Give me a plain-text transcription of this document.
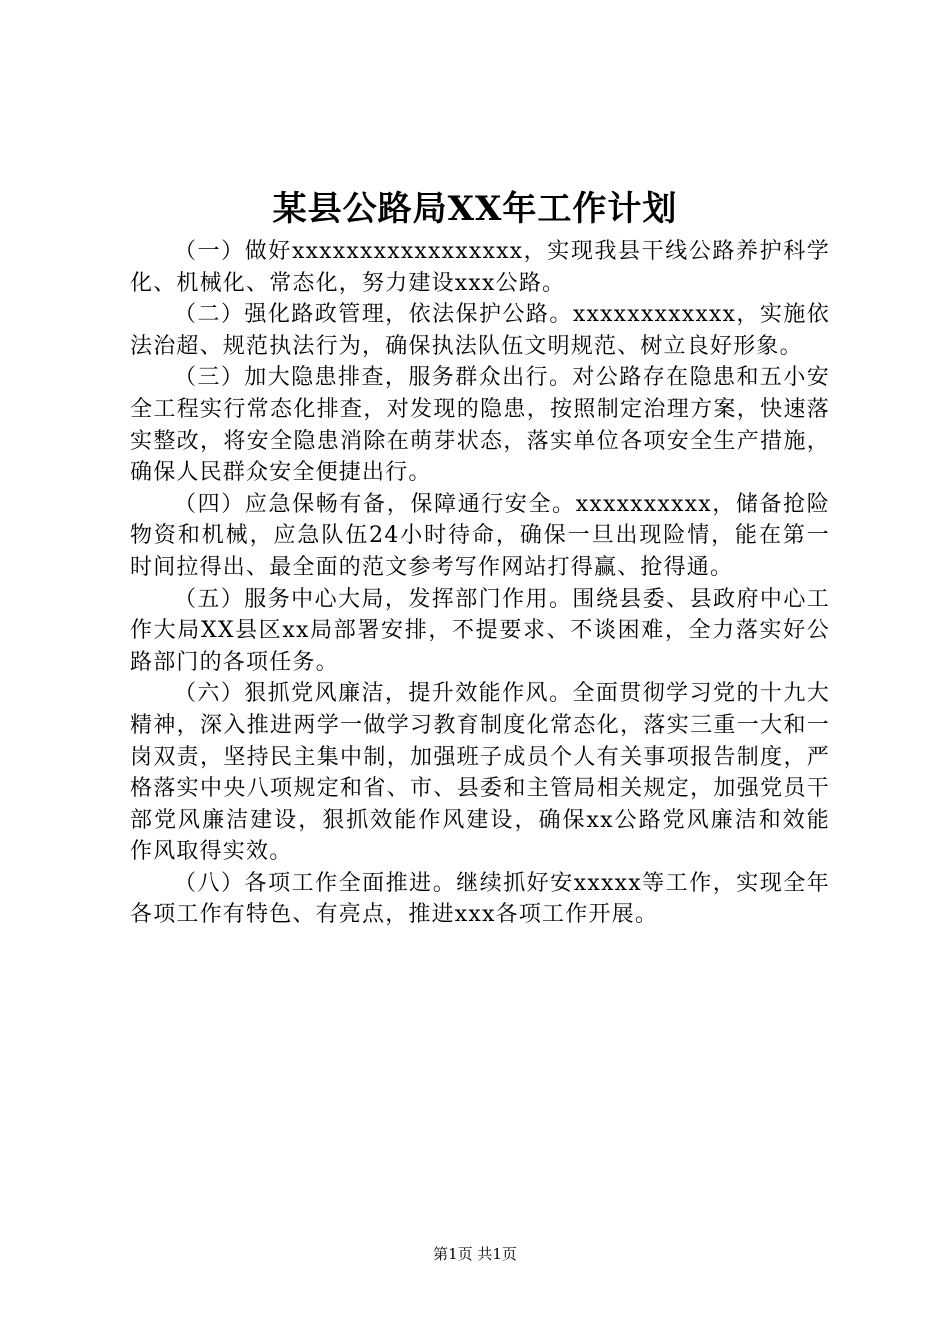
某县公路局XX年工作计划

（一）做好xxxxxxxxxxxxxxxxx，实现我县干线公路养护科学化、机械化、常态化，努力建设xxx公路。

（二）强化路政管理，依法保护公路。xxxxxxxxxxxx，实施依法治超、规范执法行为，确保执法队伍文明规范、树立良好形象。

（三）加大隐患排查，服务群众出行。对公路存在隐患和五小安全工程实行常态化排查，对发现的隐患，按照制定治理方案，快速落实整改，将安全隐患消除在萌芽状态，落实单位各项安全生产措施，确保人民群众安全便捷出行。

（四）应急保畅有备，保障通行安全。xxxxxxxxxx，储备抢险物资和机械，应急队伍24小时待命，确保一旦出现险情，能在第一时间拉得出、最全面的范文参考写作网站打得赢、抢得通。

（五）服务中心大局，发挥部门作用。围绕县委、县政府中心工作大局XX县区xx局部署安排，不提要求、不谈困难，全力落实好公路部门的各项任务。

（六）狠抓党风廉洁，提升效能作风。全面贯彻学习党的十九大精神，深入推进两学一做学习教育制度化常态化，落实三重一大和一岗双责，坚持民主集中制，加强班子成员个人有关事项报告制度，严格落实中央八项规定和省、市、县委和主管局相关规定，加强党员干部党风廉洁建设，狠抓效能作风建设，确保xx公路党风廉洁和效能作风取得实效。

（八）各项工作全面推进。继续抓好安xxxxx等工作，实现全年各项工作有特色、有亮点，推进xxx各项工作开展。

第1页 共1页
